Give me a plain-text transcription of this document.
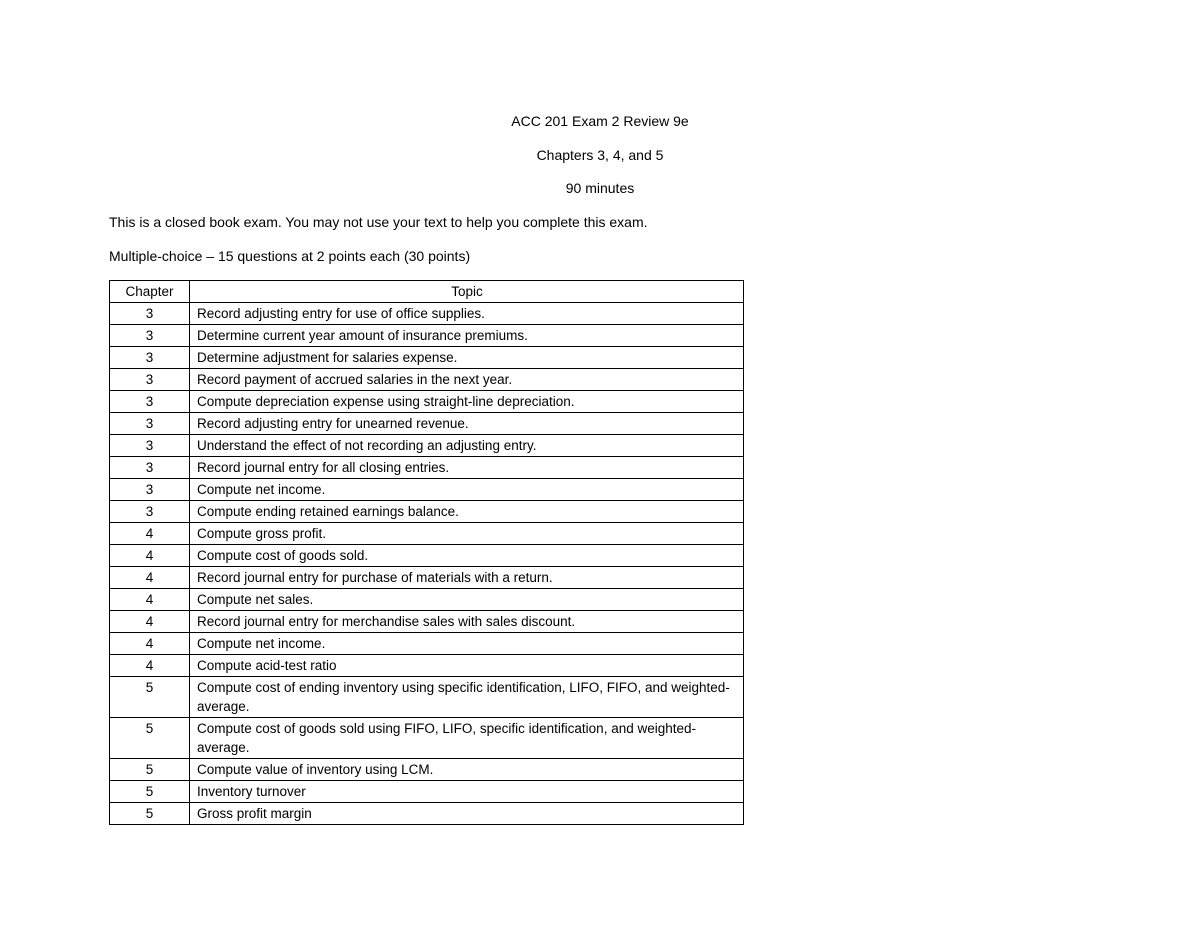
ACC 201 Exam 2 Review 9e
Chapters 3, 4, and 5
90 minutes
This is a closed book exam. You may not use your text to help you complete this exam.
Multiple-choice – 15 questions at 2 points each (30 points)
Chapter	Topic
3	Record adjusting entry for use of office supplies.
3	Determine current year amount of insurance premiums.
3	Determine adjustment for salaries expense.
3	Record payment of accrued salaries in the next year.
3	Compute depreciation expense using straight-line depreciation.
3	Record adjusting entry for unearned revenue.
3	Understand the effect of not recording an adjusting entry.
3	Record journal entry for all closing entries.
3	Compute net income.
3	Compute ending retained earnings balance.
4	Compute gross profit.
4	Compute cost of goods sold.
4	Record journal entry for purchase of materials with a return.
4	Compute net sales.
4	Record journal entry for merchandise sales with sales discount.
4	Compute net income.
4	Compute acid-test ratio
5	Compute cost of ending inventory using specific identification, LIFO, FIFO, and weighted-average.
5	Compute cost of goods sold using FIFO, LIFO, specific identification, and weighted-average.
5	Compute value of inventory using LCM.
5	Inventory turnover
5	Gross profit margin
